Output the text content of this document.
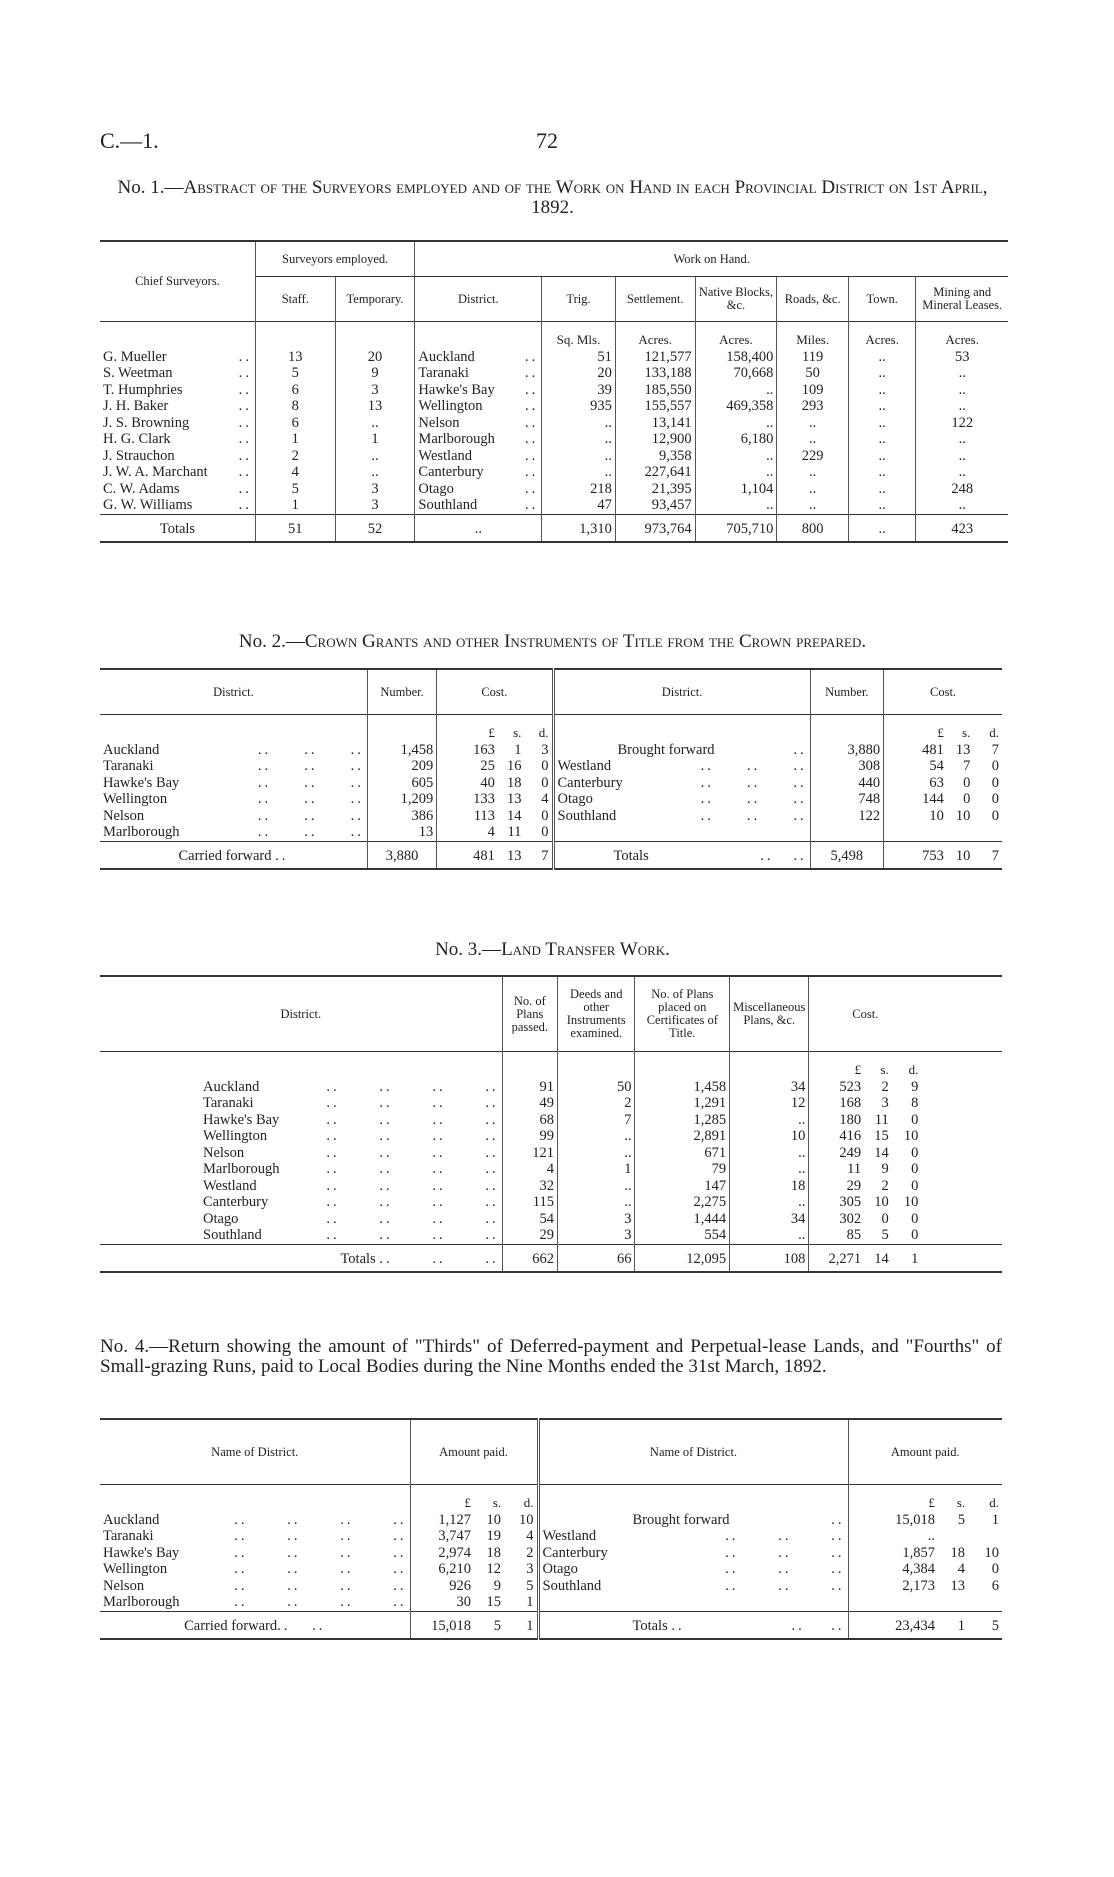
C.—1.	72
No. 1.—Abstract of the Surveyors employed and of the Work on Hand in each Provincial District on 1st April, 1892.
Chief Surveyors.	Surveyors employed.		Work on Hand.						
	Staff.	Temporary.	District.	Trig.	Settlement.	Native Blocks, &c.	Roads, &c.	Town.	Mining and Mineral Leases.
				Sq. Mls.	Acres.	Acres.	Miles.	Acres.	Acres.
G. Mueller ..	13	20	Auckland ..	51	121,577	158,400	119	..	53
S. Weetman ..	5	9	Taranaki ..	20	133,188	70,668	50	..	..
T. Humphries ..	6	3	Hawke's Bay ..	39	185,550	..	109	..	..
J. H. Baker ..	8	13	Wellington ..	935	155,557	469,358	293	..	..
J. S. Browning ..	6	..	Nelson ..	..	13,141	..	..	..	122
H. G. Clark ..	1	1	Marlborough ..	..	12,900	6,180	..	..	..
J. Strauchon ..	2	..	Westland ..	..	9,358	..	229	..	..
J. W. A. Marchant ..	4	..	Canterbury ..	..	227,641	..	..	..	..
C. W. Adams ..	5	3	Otago ..	218	21,395	1,104	..	..	248
G. W. Williams ..	1	3	Southland ..	47	93,457	..	..	..	..
Totals	51	52	..	1,310	973,764	705,710	800	..	423
No. 2.—Crown Grants and other Instruments of Title from the Crown prepared.
District.	Number.	Cost.			District.	Number.	Cost.		
		£	s.	d.			£	s.	d.
Auckland ..     ..     ..	1,458	163	1	3	Brought forward ..	3,880	481	13	7
Taranaki ..     ..     ..	209	25	16	0	Westland ..     ..     ..	308	54	7	0
Hawke's Bay ..     ..     ..	605	40	18	0	Canterbury ..     ..     ..	440	63	0	0
Wellington ..     ..     ..	1,209	133	13	4	Otago ..     ..     ..	748	144	0	0
Nelson ..     ..     ..	386	113	14	0	Southland ..     ..     ..	122	10	10	0
Marlborough ..     ..     ..	13	4	11	0					
Carried forward ..	3,880	481	13	7	Totals ..   ..	5,498	753	10	7
No. 3.—Land Transfer Work.
District.	No. of Plans passed.	Deeds and other Instruments examined.	No. of Plans placed on Certificates of Title.	Miscellaneous Plans, &c.	Cost.			
					£	s.	d.	
Auckland ..      ..      ..      ..	91	50	1,458	34	523	2	9	
Taranaki ..      ..      ..      ..	49	2	1,291	12	168	3	8	
Hawke's Bay ..      ..      ..      ..	68	7	1,285	..	180	11	0	
Wellington ..      ..      ..      ..	99	..	2,891	10	416	15	10	
Nelson ..      ..      ..      ..	121	..	671	..	249	14	0	
Marlborough ..      ..      ..      ..	4	1	79	..	11	9	0	
Westland ..      ..      ..      ..	32	..	147	18	29	2	0	
Canterbury ..      ..      ..      ..	115	..	2,275	..	305	10	10	
Otago ..      ..      ..      ..	54	3	1,444	34	302	0	0	
Southland ..      ..      ..      ..	29	3	554	..	85	5	0	
Totals ..      ..      ..	662	66	12,095	108	2,271	14	1	
No. 4.—Return showing the amount of "Thirds" of Deferred-payment and Perpetual-lease Lands, and "Fourths" of Small-grazing Runs, paid to Local Bodies during the Nine Months ended the 31st March, 1892.
Name of District.	Amount paid.			Name of District.	Amount paid.		
	£	s.	d.		£	s.	d.
Auckland ..      ..      ..      ..	1,127	10	10	Brought forward ..	15,018	5	1
Taranaki ..      ..      ..      ..	3,747	19	4	Westland ..      ..      ..	..		
Hawke's Bay ..      ..      ..      ..	2,974	18	2	Canterbury ..      ..      ..	1,857	18	10
Wellington ..      ..      ..      ..	6,210	12	3	Otago ..      ..      ..	4,384	4	0
Nelson ..      ..      ..      ..	926	9	5	Southland ..      ..      ..	2,173	13	6
Marlborough ..      ..      ..      ..	30	15	1				
Carried forward.. ..	15,018	5	1	Totals .. ..    ..	23,434	1	5
